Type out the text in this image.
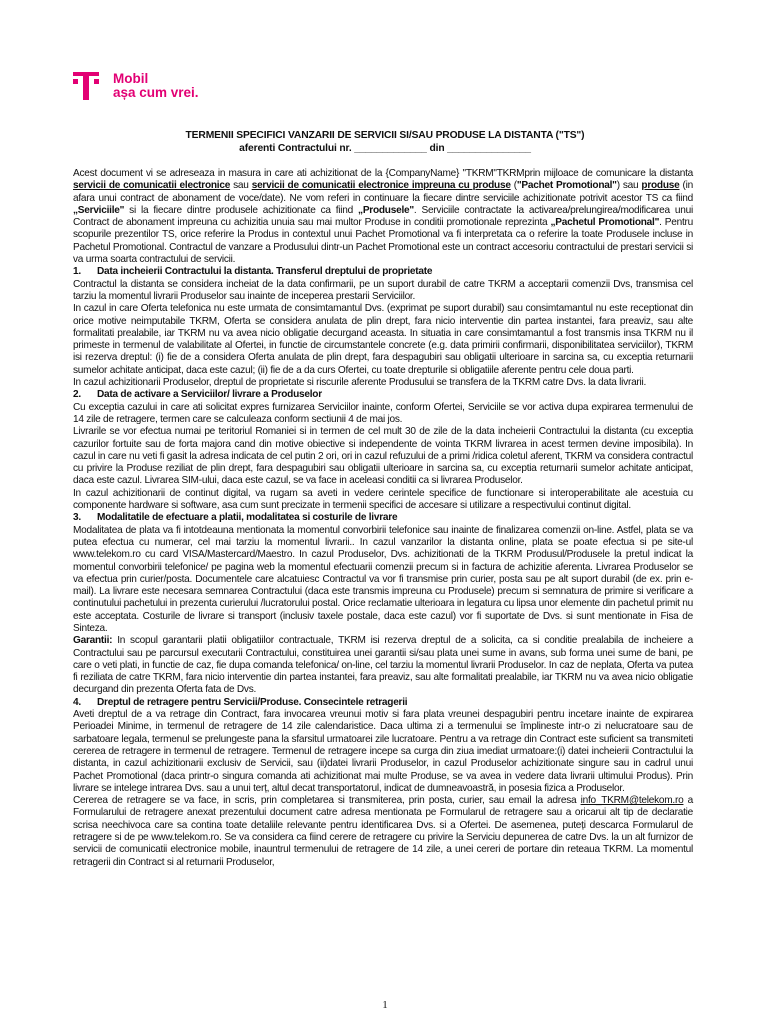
Mobil
așa cum vrei.
TERMENII SPECIFICI VANZARII DE SERVICII SI/SAU PRODUSE LA DISTANTA ("TS")
aferenti Contractului nr. _____________ din _______________

Acest document vi se adreseaza in masura in care ati achizitionat de la {CompanyName} "TKRM"TKRMprin mijloace de comunicare la distanta servicii de comunicatii electronice sau servicii de comunicatii electronice impreuna cu produse ("Pachet Promotional") sau produse (in afara unui contract de abonament de voce/date). Ne vom referi in continuare la fiecare dintre serviciile achizitionate potrivit acestor TS ca fiind „Serviciile" si la fiecare dintre produsele achizitionate ca fiind „Produsele". Serviciile contractate la activarea/prelungirea/modificarea unui Contract de abonament impreuna cu achizitia unuia sau mai multor Produse in conditii promotionale reprezinta „Pachetul Promotional". Pentru scopurile prezentilor TS, orice referire la Produs in contextul unui Pachet Promotional va fi interpretata ca o referire la toate Produsele incluse in Pachetul Promotional. Contractul de vanzare a Produsului dintr-un Pachet Promotional este un contract accesoriu contractului de prestari servicii si va urma soarta contractului de servicii.

1.	Data incheierii Contractului la distanta. Transferul dreptului de proprietate

Contractul la distanta se considera incheiat de la data confirmarii, pe un suport durabil de catre TKRM a acceptarii comenzii Dvs, transmisa cel tarziu la momentul livrarii Produselor sau inainte de inceperea prestarii Serviciilor.

In cazul in care Oferta telefonica nu este urmata de consimtamantul Dvs. (exprimat pe suport durabil) sau consimtamantul nu este receptionat din orice motive neimputabile TKRM, Oferta se considera anulata de plin drept, fara nicio interventie din partea instantei, fara preaviz, sau alte formalitati prealabile, iar TKRM nu va avea nicio obligatie decurgand aceasta. In situatia in care consimtamantul a fost transmis insa TKRM nu il primeste in termenul de valabilitate al Ofertei, in functie de circumstantele concrete (e.g. data primirii confirmarii, disponibilitatea serviciilor), TKRM isi rezerva dreptul: (i) fie de a considera Oferta anulata de plin drept, fara despagubiri sau obligatii ulterioare in sarcina sa, cu exceptia returnarii sumelor achitate anticipat, daca este cazul; (ii) fie de a da curs Ofertei, cu toate drepturile si obligatiile aferente pentru cele doua parti.

In cazul achizitionarii Produselor, dreptul de proprietate si riscurile aferente Produsului se transfera de la TKRM catre Dvs. la data livrarii.

2.	Data de activare a Serviciilor/ livrare a Produselor

Cu exceptia cazului in care ati solicitat expres furnizarea Serviciilor inainte, conform Ofertei, Serviciile se vor activa dupa expirarea termenului de 14 zile de retragere, termen care se calculeaza conform sectiunii 4 de mai jos.

Livrarile se vor efectua numai pe teritoriul Romaniei si in termen de cel mult 30 de zile de la data incheierii Contractului la distanta (cu exceptia cazurilor fortuite sau de forta majora cand din motive obiective si independente de vointa TKRM livrarea in acest termen devine imposibila). In cazul in care nu veti fi gasit la adresa indicata de cel putin 2 ori, ori in cazul refuzului de a primi /ridica coletul aferent, TKRM va considera contractul cu privire la Produse reziliat de plin drept, fara despagubiri sau obligatii ulterioare in sarcina sa, cu exceptia returnarii sumelor achitate anticipat, daca este cazul. Livrarea SIM-ului, daca este cazul, se va face in aceleasi conditii ca si livrarea Produselor.

In cazul achizitionarii de continut digital, va rugam sa aveti in vedere cerintele specifice de functionare si interoperabilitate ale acestuia cu componente hardware si software, asa cum sunt precizate in termenii specifici de accesare si utilizare a respectivului continut digital.

3.	Modalitatile de efectuare a platii, modalitatea si costurile de livrare

Modalitatea de plata va fi intotdeauna mentionata la momentul convorbirii telefonice sau inainte de finalizarea comenzii on-line. Astfel, plata se va putea efectua cu numerar, cel mai tarziu la momentul livrarii.. In cazul vanzarilor la distanta online, plata se poate efectua si pe site-ul www.telekom.ro cu card VISA/Mastercard/Maestro. In cazul Produselor, Dvs. achizitionati de la TKRM Produsul/Produsele la pretul indicat la momentul convorbirii telefonice/ pe pagina web la momentul efectuarii comenzii precum si in factura de achizitie aferenta. Livrarea Produselor se va efectua prin curier/posta. Documentele care alcatuiesc Contractul va vor fi transmise prin curier, posta sau pe alt suport durabil (de ex. prin e-mail). La livrare este necesara semnarea Contractului (daca este transmis impreuna cu Produsele) precum si semnatura de primire si verificare a continutului pachetului in prezenta curierului /lucratorului postal. Orice reclamatie ulterioara in legatura cu lipsa unor elemente din pachetul primit nu este acceptata. Costurile de livrare si transport (inclusiv taxele postale, daca este cazul) vor fi suportate de Dvs. si sunt mentionate in Fisa de Sinteza.

Garantii: In scopul garantarii platii obligatiilor contractuale, TKRM isi rezerva dreptul de a solicita, ca si conditie prealabila de incheiere a Contractului sau pe parcursul executarii Contractului, constituirea unei garantii si/sau plata unei sume in avans, sub forma unei sume de bani, pe care o veti plati, in functie de caz, fie dupa comanda telefonica/ on-line, cel tarziu la momentul livrarii Produselor. In caz de neplata, Oferta va putea fi reziliata de catre TKRM, fara nicio interventie din partea instantei, fara preaviz, sau alte formalitati prealabile, iar TKRM nu va avea nicio obligatie decurgand din prezenta Oferta fata de Dvs.

4.	Dreptul de retragere pentru Servicii/Produse. Consecintele retragerii

Aveti dreptul de a va retrage din Contract, fara invocarea vreunui motiv si fara plata vreunei despagubiri pentru incetare inainte de expirarea Perioadei Minime, in termenul de retragere de 14 zile calendaristice. Daca ultima zi a termenului se împlineste intr-o zi nelucratoare sau de sarbatoare legala, termenul se prelungeste pana la sfarsitul urmatoarei zile lucratoare. Pentru a va retrage din Contract este suficient sa transmiteti cererea de retragere in termenul de retragere. Termenul de retragere incepe sa curga din ziua imediat urmatoare:(i) datei incheierii Contractului la distanta, in cazul achizitionarii exclusiv de Servicii, sau (ii)datei livrarii Produselor, in cazul Produselor achizitionate singure sau in cadrul unui Pachet Promotional (daca printr-o singura comanda ati achizitionat mai multe Produse, se va avea in vedere data livrarii ultimului Produs). Prin livrare se intelege intrarea Dvs. sau a unui terț, altul decat transportatorul, indicat de dumneavoastră, in posesia fizica a Produselor.

Cererea de retragere se va face, in scris, prin completarea si transmiterea, prin posta, curier, sau email la adresa info_TKRM@telekom.ro a Formularului de retragere anexat prezentului document catre adresa mentionata pe Formularul de retragere sau a oricarui alt tip de declaratie scrisa neechivoca care sa contina toate detaliile relevante pentru identificarea Dvs. si a Ofertei. De asemenea, puteți descarca Formularul de retragere si de pe www.telekom.ro. Se va considera ca fiind cerere de retragere cu privire la Serviciu depunerea de catre Dvs. la un alt furnizor de servicii de comunicatii electronice mobile, inauntrul termenului de retragere de 14 zile, a unei cereri de portare din reteaua TKRM. La momentul retragerii din Contract si al returnarii Produselor,

1
